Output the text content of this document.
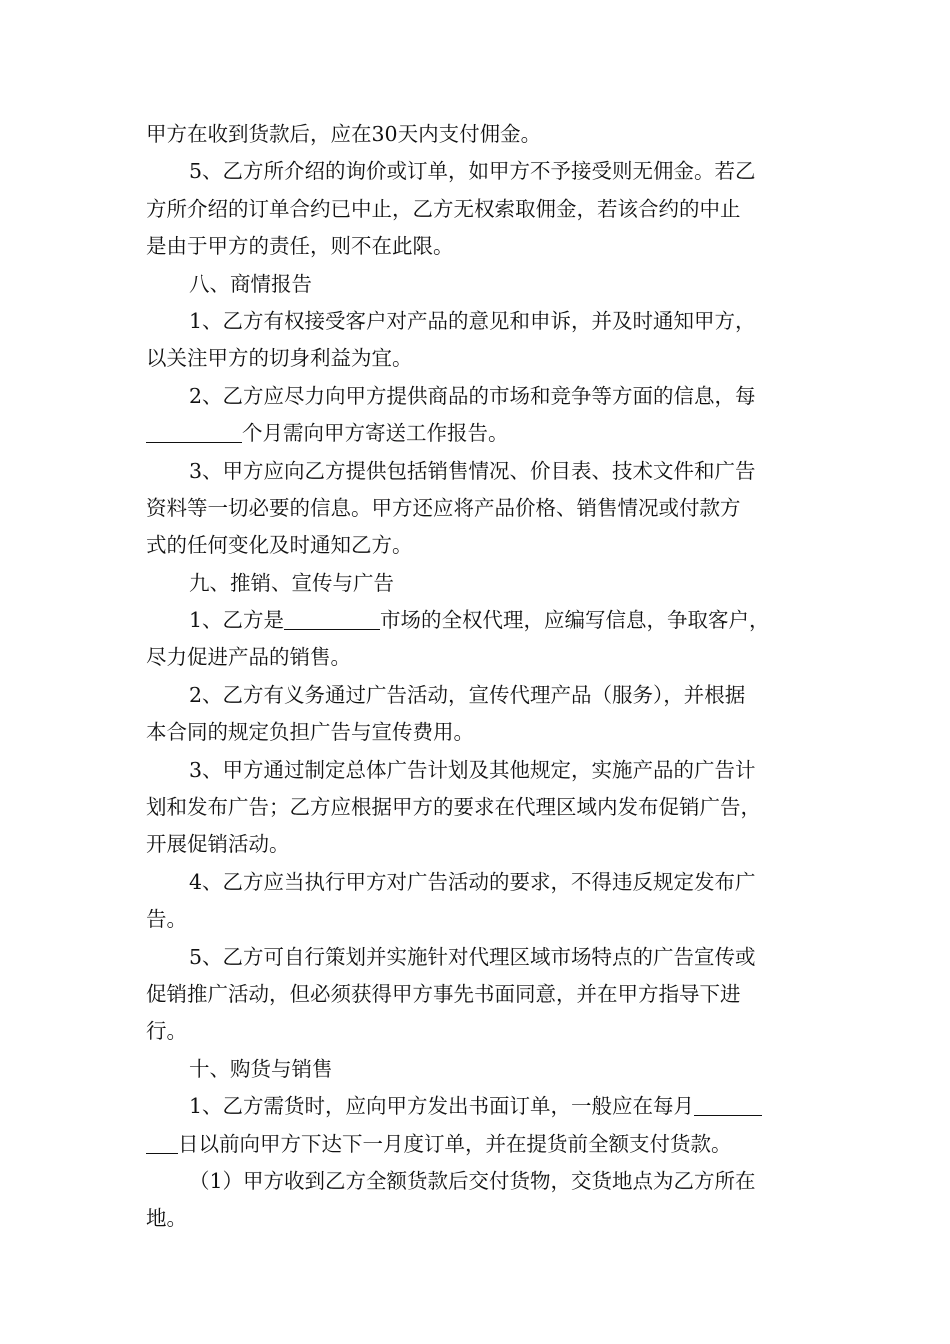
甲方在收到货款后，应在30天内支付佣金。

5、乙方所介绍的询价或订单，如甲方不予接受则无佣金。若乙
方所介绍的订单合约已中止，乙方无权索取佣金，若该合约的中止
是由于甲方的责任，则不在此限。

八、商情报告

1、乙方有权接受客户对产品的意见和申诉，并及时通知甲方，
以关注甲方的切身利益为宜。

2、乙方应尽力向甲方提供商品的市场和竞争等方面的信息，每
个月需向甲方寄送工作报告。

3、甲方应向乙方提供包括销售情况、价目表、技术文件和广告
资料等一切必要的信息。甲方还应将产品价格、销售情况或付款方
式的任何变化及时通知乙方。

九、推销、宣传与广告

1、乙方是	市场的全权代理，应编写信息，争取客户，
尽力促进产品的销售。

2、乙方有义务通过广告活动，宣传代理产品（服务），并根据
本合同的规定负担广告与宣传费用。

3、甲方通过制定总体广告计划及其他规定，实施产品的广告计
划和发布广告；乙方应根据甲方的要求在代理区域内发布促销广告，
开展促销活动。

4、乙方应当执行甲方对广告活动的要求，不得违反规定发布广
告。

5、乙方可自行策划并实施针对代理区域市场特点的广告宣传或
促销推广活动，但必须获得甲方事先书面同意，并在甲方指导下进
行。

十、购货与销售

1、乙方需货时，应向甲方发出书面订单，一般应在每月
日以前向甲方下达下一月度订单，并在提货前全额支付货款。

（1）甲方收到乙方全额货款后交付货物，交货地点为乙方所在
地。
